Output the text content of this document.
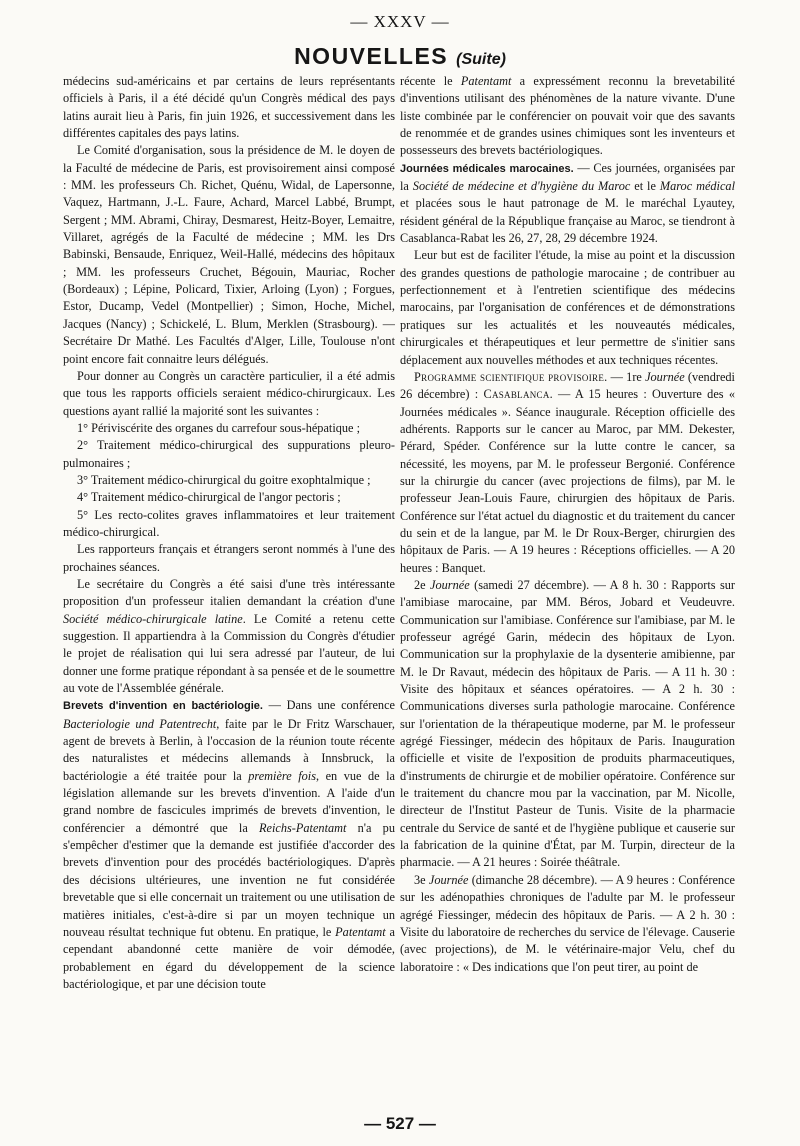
— XXXV —
NOUVELLES (Suite)

médecins sud-américains et par certains de leurs représentants officiels à Paris, il a été décidé qu'un Congrès médical des pays latins aurait lieu à Paris, fin juin 1926, et successivement dans les différentes capitales des pays latins.

Le Comité d'organisation, sous la présidence de M. le doyen de la Faculté de médecine de Paris, est provisoirement ainsi composé : MM. les professeurs Ch. Richet, Quénu, Widal, de Lapersonne, Vaquez, Hartmann, J.-L. Faure, Achard, Marcel Labbé, Brumpt, Sergent ; MM. Abrami, Chiray, Desmarest, Heitz-Boyer, Lemaitre, Villaret, agrégés de la Faculté de médecine ; MM. les Drs Babinski, Bensaude, Enriquez, Weil-Hallé, médecins des hôpitaux ; MM. les professeurs Cruchet, Bégouin, Mauriac, Rocher (Bordeaux) ; Lépine, Policard, Tixier, Arloing (Lyon) ; Forgues, Estor, Ducamp, Vedel (Montpellier) ; Simon, Hoche, Michel, Jacques (Nancy) ; Schickelé, L. Blum, Merklen (Strasbourg). — Secrétaire Dr Mathé. Les Facultés d'Alger, Lille, Toulouse n'ont point encore fait connaitre leurs délégués.

Pour donner au Congrès un caractère particulier, il a été admis que tous les rapports officiels seraient médico-chirurgicaux. Les questions ayant rallié la majorité sont les suivantes :

1° Périviscérite des organes du carrefour sous-hépatique ;

2° Traitement médico-chirurgical des suppurations pleuro-pulmonaires ;

3° Traitement médico-chirurgical du goitre exophtalmique ;

4° Traitement médico-chirurgical de l'angor pectoris ;

5° Les recto-colites graves inflammatoires et leur traitement médico-chirurgical.

Les rapporteurs français et étrangers seront nommés à l'une des prochaines séances.

Le secrétaire du Congrès a été saisi d'une très intéressante proposition d'un professeur italien demandant la création d'une Société médico-chirurgicale latine. Le Comité a retenu cette suggestion. Il appartiendra à la Commission du Congrès d'étudier le projet de réalisation qui lui sera adressé par l'auteur, de lui donner une forme pratique répondant à sa pensée et de le soumettre au vote de l'Assemblée générale.

Brevets d'invention en bactériologie. — Dans une conférence Bacteriologie und Patentrecht, faite par le Dr Fritz Warschauer, agent de brevets à Berlin, à l'occasion de la réunion toute récente des naturalistes et médecins allemands à Innsbruck, la bactériologie a été traitée pour la première fois, en vue de la législation allemande sur les brevets d'invention. A l'aide d'un grand nombre de fascicules imprimés de brevets d'invention, le conférencier a démontré que la Reichs-Patentamt n'a pu s'empêcher d'estimer que la demande est justifiée d'accorder des brevets d'invention pour des procédés bactériologiques. D'après des décisions ultérieures, une invention ne fut considérée brevetable que si elle concernait un traitement ou une utilisation de matières initiales, c'est-à-dire si par un moyen technique un nouveau résultat technique fut obtenu. En pratique, le Patentamt a cependant abandonné cette manière de voir démodée, probablement en égard du développement de la science bactériologique, et par une décision toute

récente le Patentamt a expressément reconnu la brevetabilité d'inventions utilisant des phénomènes de la nature vivante. D'une liste combinée par le conférencier on pouvait voir que des savants de renommée et de grandes usines chimiques sont les inventeurs et possesseurs des brevets bactériologiques.

Journées médicales marocaines. — Ces journées, organisées par la Société de médecine et d'hygiène du Maroc et le Maroc médical et placées sous le haut patronage de M. le maréchal Lyautey, résident général de la République française au Maroc, se tiendront à Casablanca-Rabat les 26, 27, 28, 29 décembre 1924.

Leur but est de faciliter l'étude, la mise au point et la discussion des grandes questions de pathologie marocaine ; de contribuer au perfectionnement et à l'entretien scientifique des médecins marocains, par l'organisation de conférences et de démonstrations pratiques sur les actualités et les nouveautés médicales, chirurgicales et thérapeutiques et leur permettre de s'initier sans déplacement aux nouvelles méthodes et aux techniques récentes.

Programme scientifique provisoire. — 1re Journée (vendredi 26 décembre) : Casablanca. — A 15 heures : Ouverture des « Journées médicales ». Séance inaugurale. Réception officielle des adhérents. Rapports sur le cancer au Maroc, par MM. Dekester, Pérard, Spéder. Conférence sur la lutte contre le cancer, sa nécessité, les moyens, par M. le professeur Bergonié. Conférence sur la chirurgie du cancer (avec projections de films), par M. le professeur Jean-Louis Faure, chirurgien des hôpitaux de Paris. Conférence sur l'état actuel du diagnostic et du traitement du cancer du sein et de la langue, par M. le Dr Roux-Berger, chirurgien des hôpitaux de Paris. — A 19 heures : Réceptions officielles. — A 20 heures : Banquet.

2e Journée (samedi 27 décembre). — A 8 h. 30 : Rapports sur l'amibiase marocaine, par MM. Béros, Jobard et Veudeuvre. Communication sur l'amibiase. Conférence sur l'amibiase, par M. le professeur agrégé Garin, médecin des hôpitaux de Lyon. Communication sur la prophylaxie de la dysenterie amibienne, par M. le Dr Ravaut, médecin des hôpitaux de Paris. — A 11 h. 30 : Visite des hôpitaux et séances opératoires. — A 2 h. 30 : Communications diverses surla pathologie marocaine. Conférence sur l'orientation de la thérapeutique moderne, par M. le professeur agrégé Fiessinger, médecin des hôpitaux de Paris. Inauguration officielle et visite de l'exposition de produits pharmaceutiques, d'instruments de chirurgie et de mobilier opératoire. Conférence sur le traitement du chancre mou par la vaccination, par M. Nicolle, directeur de l'Institut Pasteur de Tunis. Visite de la pharmacie centrale du Service de santé et de l'hygiène publique et causerie sur la fabrication de la quinine d'État, par M. Turpin, directeur de la pharmacie. — A 21 heures : Soirée théâtrale.

3e Journée (dimanche 28 décembre). — A 9 heures : Conférence sur les adénopathies chroniques de l'adulte par M. le professeur agrégé Fiessinger, médecin des hôpitaux de Paris. — A 2 h. 30 : Visite du laboratoire de recherches du service de l'élevage. Causerie (avec projections), de M. le vétérinaire-major Velu, chef du laboratoire : « Des indications que l'on peut tirer, au point de

— 527 —
